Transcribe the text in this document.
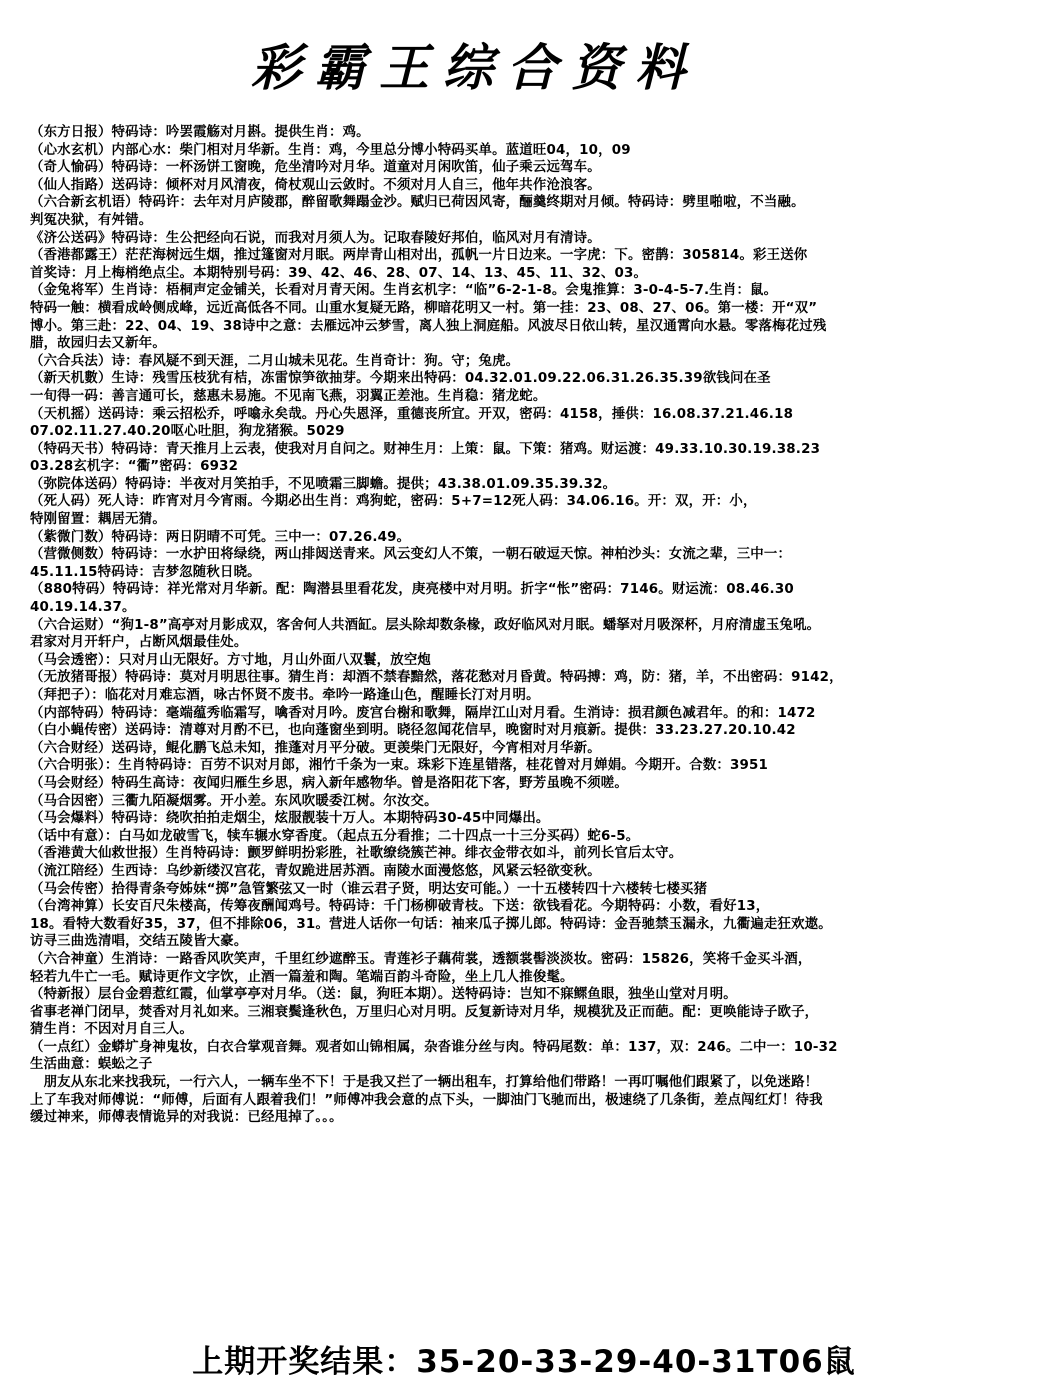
彩霸王综合资料
（东方日报）特码诗：吟罢霞觞对月斟。提供生肖：鸡。
（心水玄机）内部心水：柴门相对月华新。生肖：鸡，今里总分博小特码买单。蓝道旺04，10，09
（奇人愉码）特码诗：一杯汤饼工窗晚，危坐清吟对月华。道童对月闲吹笛，仙子乘云远驾车。
（仙人指路）送码诗：倾杯对月风清夜，倚杖观山云敛时。不须对月人自三，他年共作沧浪客。
（六合新玄机语）特码许：去年对月庐陵郡，醉留歌舞蹋金沙。赋归已荷因风寄，酾羹终期对月倾。特码诗：劈里啪啦，不当融。
判冤决狱，有舛错。
《济公送码》特码诗：生公把经向石说，而我对月须人为。记取春陵好邦伯，临风对月有清诗。
（香港都露王）茫茫海树远生烟，推过篷窗对月眠。两岸青山相对出，孤帆一片日边来。一字虎：下。密鹊：305814。彩王送你
首奖诗：月上梅梢绝点尘。本期特别号码：39、42、46、28、07、14、13、45、11、32、03。
（金兔将军）生肖诗：梧桐声定金铺关，长看对月青天闲。生肖玄机字：“临”6-2-1-8。会鬼推算：3-0-4-5-7.生肖：鼠。
特码一触：横看成岭侧成峰，远近高低各不同。山重水复疑无路，柳暗花明又一村。第一挂：23、08、27、06。第一楼：开“双”
博小。第三赴：22、04、19、38诗中之意：去雁远冲云梦雪，离人独上洞庭船。风波尽日依山转，星汉通霄向水悬。零落梅花过残
腊，故园归去又新年。
（六合兵法）诗：春风疑不到天涯，二月山城未见花。生肖奇计：狗。守；兔虎。
（新天机數）生诗：残雪压枝犹有桔，冻雷惊笋欲抽芽。今期来出特码：04.32.01.09.22.06.31.26.35.39欲钱问在圣
一旬得一码：善言通可长，慈惠未易施。不见南飞燕，羽翼正差池。生肖稳：猪龙蛇。
（天机摇）送码诗：乘云招松乔，呼噏永矣哉。丹心失恩泽，重德丧所宜。开双，密码：4158，捶供：16.08.37.21.46.18
07.02.11.27.40.20呕心吐胆，狗龙猪猴。5029
（特码天书）特码诗：青天推月上云表，使我对月自问之。财神生月：上策：鼠。下策：猪鸡。财运渡：49.33.10.30.19.38.23
03.28玄机字：“衢”密码：6932
（弥院体送码）特码诗：半夜对月笑拍手，不见喷霜三脚蟾。提供；43.38.01.09.35.39.32。
（死人码）死人诗：昨宵对月今宵雨。今期必出生肖：鸡狗蛇，密码：5+7=12死人码：34.06.16。开：双，开：小，
特刚留置：耦居无猜。
（紫微门数）特码诗：两日阴晴不可凭。三中一：07.26.49。
（营微侧数）特码诗：一水护田将绿绕，两山排闼送青来。风云变幻人不策，一朝石破逗天惊。神柏沙头：女流之辈，三中一：
45.11.15特码诗：吉梦忽随秋日晓。
（880特码）特码诗：祥光常对月华新。配：陶潜县里看花发，庚亮楼中对月明。折字“怅”密码：7146。财运流：08.46.30
40.19.14.37。
（六合运财）“狗1-8”高亭对月影成双，客舍何人共酒缸。层头除却数条椽，政好临风对月眠。蟠拏对月吸深杯，月府清虚玉兔吼。
君家对月开轩户，占断风烟最佳处。
（马会透密）：只对月山无限好。方寸地，月山外面八双鬟，放空炮
（无放猪哥报）特码诗：莫对月明思往事。猜生肖：却酒不禁春黯然，落花愁对月昏黄。特码搏：鸡，防：猪，羊，不出密码：9142，
（拜把子）：临花对月难忘酒，咏古怀贤不废书。牵吟一路逢山色，醒睡长汀对月明。
（内部特码）特码诗：毫端蕴秀临霜写，噙香对月吟。废宫台榭和歌舞，隔岸江山对月看。生消诗：损君颜色减君年。的和：1472
（白小蝇传密）送码诗：清尊对月酌不已，也向蓬窗坐到明。晓径忽闻花信早，晚窗时对月痕新。提供：33.23.27.20.10.42
（六合财经）送码诗，鲲化鹏飞总未知，推蓬对月平分破。更羡柴门无限好，今宵相对月华新。
（六合明张）：生肖特码诗：百劳不识对月郎，湘竹千条为一束。珠彩下连星错落，桂花曾对月婵娟。今期开。合数：3951
（马会财经）特码生高诗：夜闻归雁生乡思，病入新年感物华。曾是洛阳花下客，野芳虽晚不须嗟。
（马合因密）三衢九陌凝烟雾。开小差。东风吹暖委江树。尔汝交。
（马会爆料）特码诗：绕吹拍拍走烟尘，炫服靓装十万人。本期特码30-45中同爆出。
（话中有意）：白马如龙破雪飞，犊车辗水穿香度。（起点五分看推；二十四点一十三分买码）蛇6-5。
（香港黄大仙救世报）生肖特码诗：颤罗鲜明扮彩胜，社歌缭绕簇芒神。绯衣金带衣如斗，前列长官后太守。
（流江陪经）生西诗：乌纱新缕汉宫花，青奴跪进居苏酒。南陵水面漫悠悠，风紧云轻欲变秋。
（马会传密）拾得青条夸姊妹“掷”急管繁弦又一时（谁云君子贤，明达安可能。）一十五楼转四十六楼转七楼买猪
（台湾神算）长安百尺朱楼高，传筹夜酬闻鸡号。特码诗：千门杨柳破青枝。下送：欲钱看花。今期特码：小数，看好13，
18。看特大数看好35，37，但不排除06，31。营进人话你一句话：袖来瓜子掷儿郎。特码诗：金吾驰禁玉漏永，九衢遍走狂欢遨。
访寻三曲选清唱，交结五陵皆大豪。
（六合神童）生消诗：一路香风吹笑声，千里红纱遮醉玉。青莲衫子藕荷裳，透额裳髻淡淡妆。密码：15826，笑将千金买斗酒，
轻若九牛亡一毛。赋诗更作文字饮，止酒一篇羞和陶。笔端百韵斗奇险，坐上几人推俊髦。
（特新报）层台金碧惹红霞，仙掌亭亭对月华。（送：鼠，狗旺本期）。送特码诗：岂知不寐鳏鱼眼，独坐山堂对月明。
省事老禅门闭早，焚香对月礼如来。三湘衰鬓逢秋色，万里归心对月明。反复新诗对月华，规模犹及正而葩。配：更唤能诗子欧子，
猜生肖：不因对月自三人。
（一点红）金蟒圹身神鬼妆，白衣合掌观音舞。观者如山锦相属，杂沓谁分丝与肉。特码尾数：单：137，双：246。二中一：10-32
生活曲意：蜈蚣之子
　朋友从东北来找我玩，一行六人，一辆车坐不下！于是我又拦了一辆出租车，打算给他们带路！一再叮嘱他们跟紧了，以免迷路！
上了车我对师傅说：“师傅，后面有人跟着我们！”师傅冲我会意的点下头，一脚油门飞驰而出，极速绕了几条街，差点闯红灯！待我
缓过神来，师傅表情诡异的对我说：已经甩掉了。。。
上期开奖结果：35-20-33-29-40-31T06鼠
